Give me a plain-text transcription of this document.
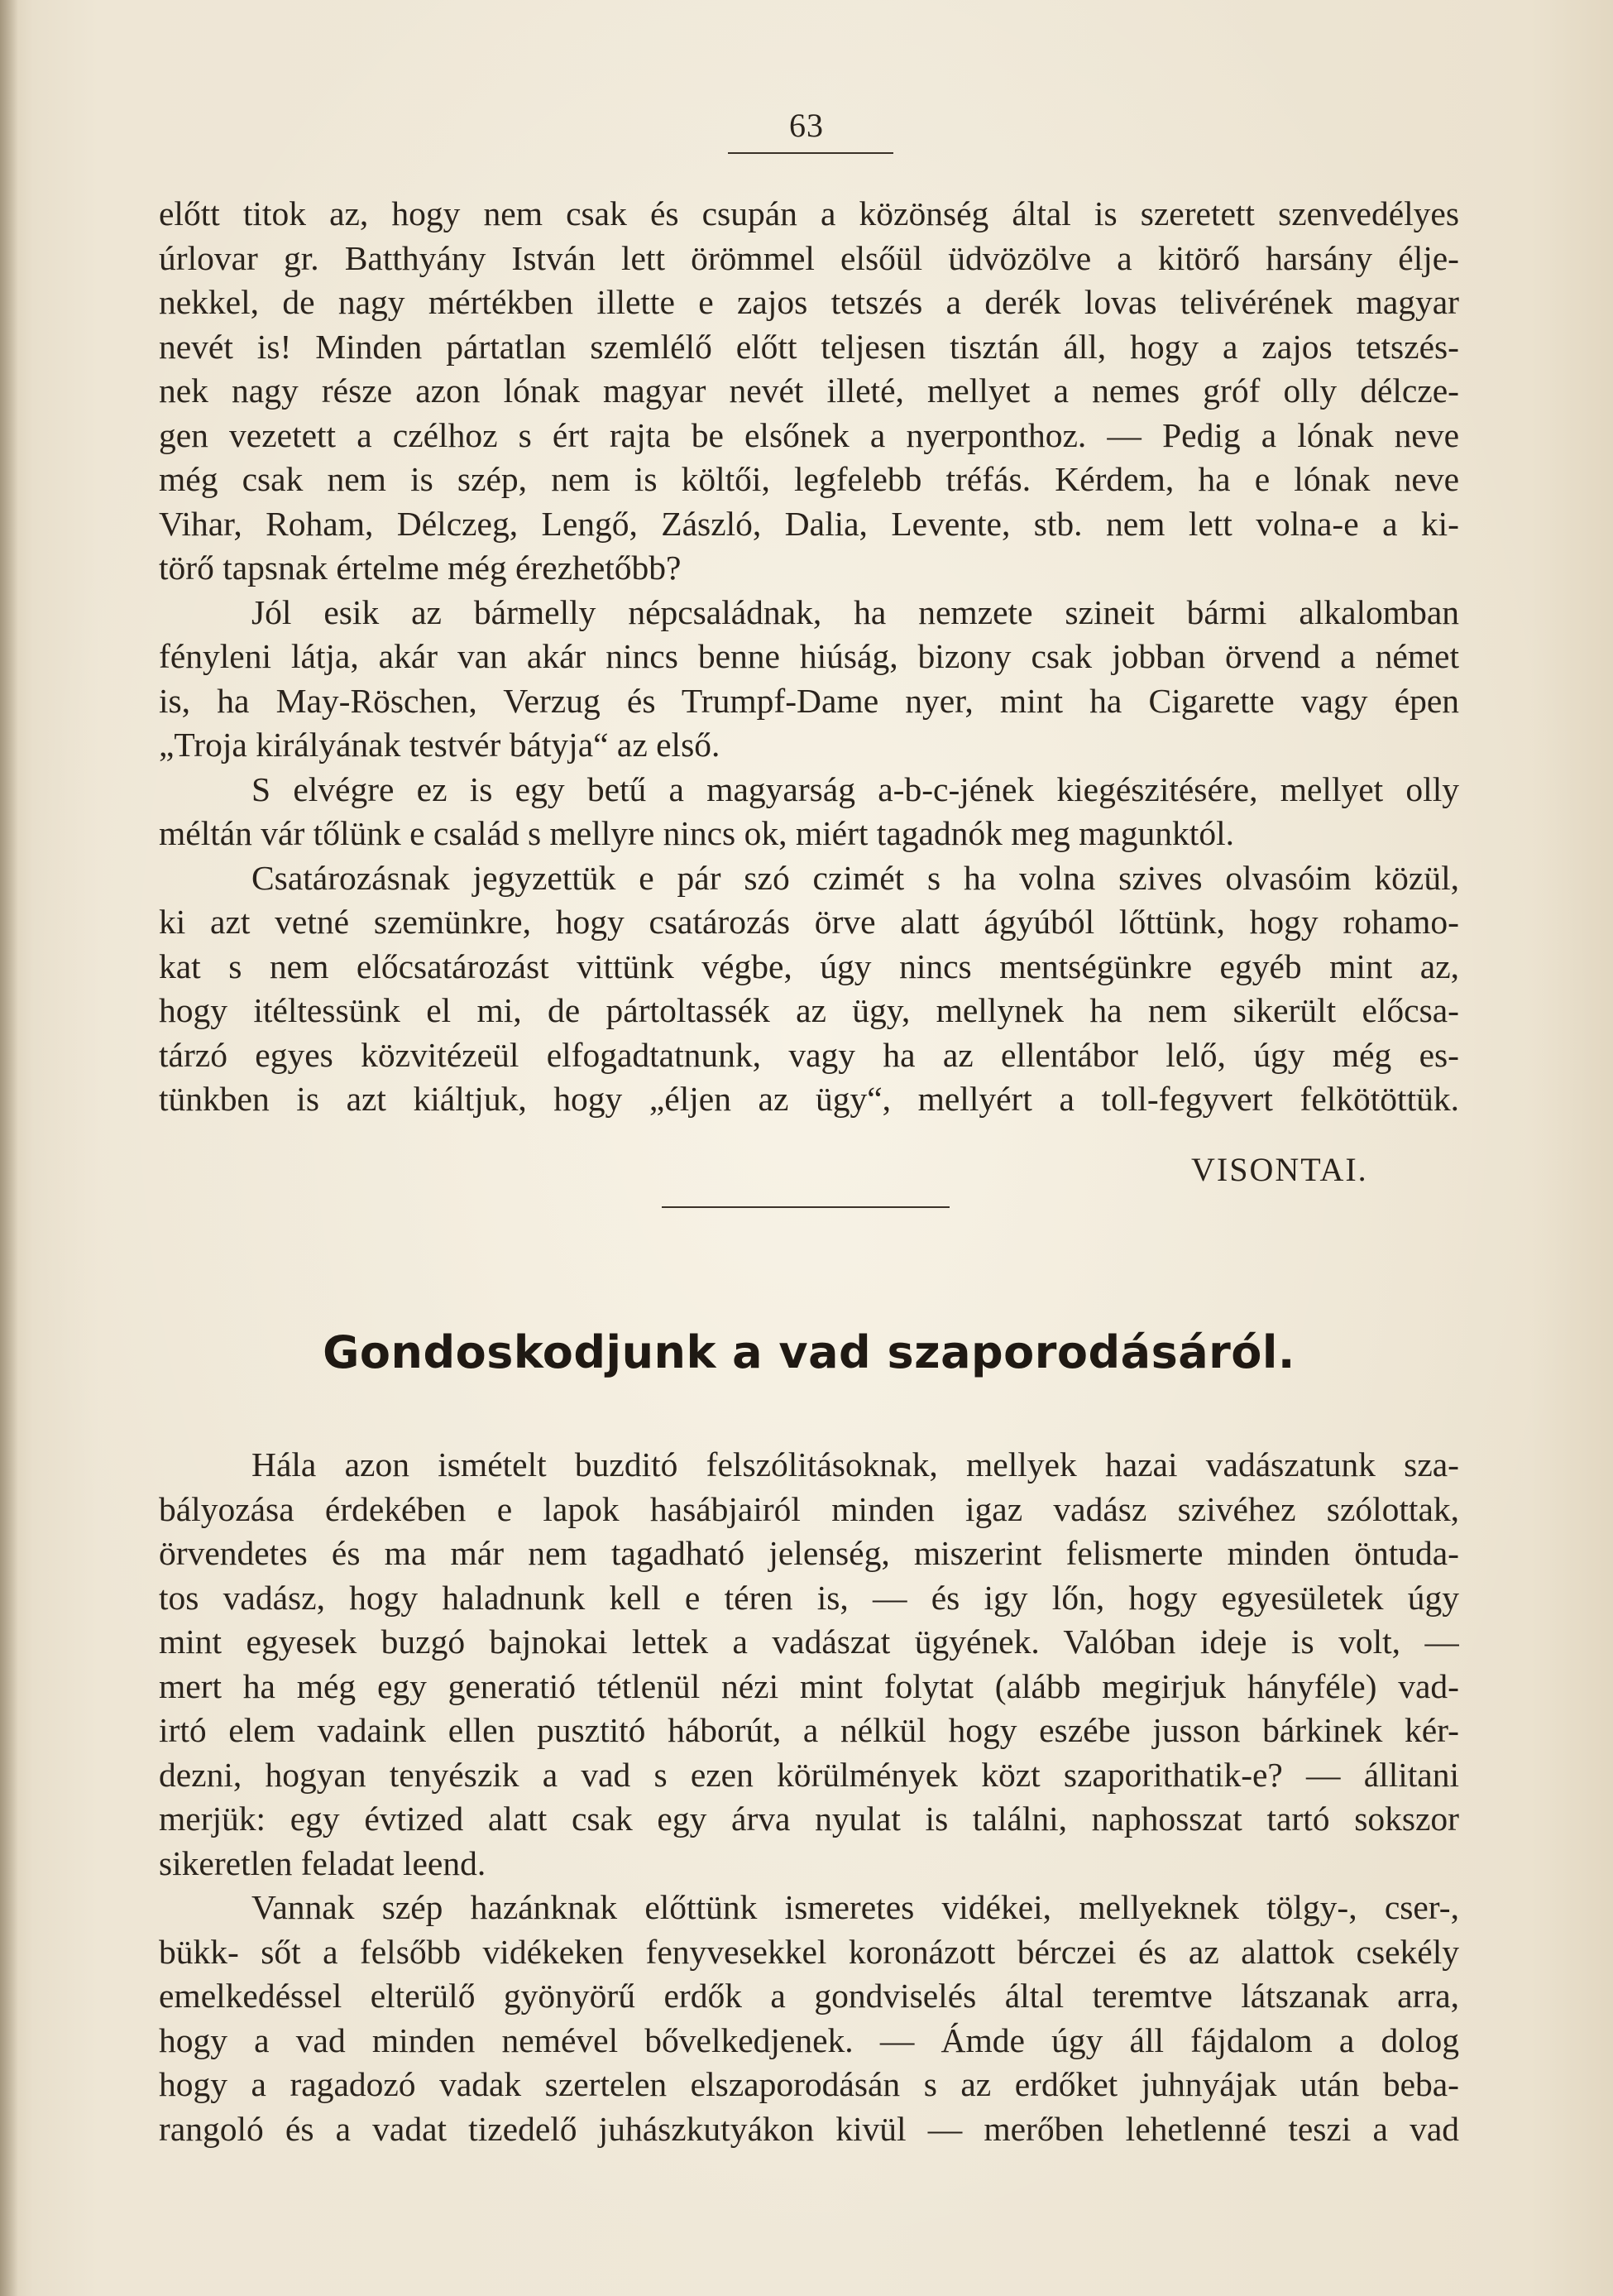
63
előtt titok az, hogy nem csak és csupán a közönség által is szeretett szenvedélyes
úrlovar gr. Batthyány István lett örömmel elsőül üdvözölve a kitörő harsány élje-
nekkel, de nagy mértékben illette e zajos tetszés a derék lovas telivérének magyar
nevét is! Minden pártatlan szemlélő előtt teljesen tisztán áll, hogy a zajos tetszés-
nek nagy része azon lónak magyar nevét illeté, mellyet a nemes gróf olly délcze-
gen vezetett a czélhoz s ért rajta be elsőnek a nyerponthoz. — Pedig a lónak neve
még csak nem is szép, nem is költői, legfelebb tréfás. Kérdem, ha e lónak neve
Vihar, Roham, Délczeg, Lengő, Zászló, Dalia, Levente, stb. nem lett volna-e a ki-
törő tapsnak értelme még érezhetőbb?
Jól esik az bármelly népcsaládnak, ha nemzete szineit bármi alkalomban
fényleni látja, akár van akár nincs benne hiúság, bizony csak jobban örvend a német
is, ha May-Röschen, Verzug és Trumpf-Dame nyer, mint ha Cigarette vagy épen
„Troja királyának testvér bátyja“ az első.
S elvégre ez is egy betű a magyarság a-b-c-jének kiegészitésére, mellyet olly
méltán vár tőlünk e család s mellyre nincs ok, miért tagadnók meg magunktól.
Csatározásnak jegyzettük e pár szó czimét s ha volna szives olvasóim közül,
ki azt vetné szemünkre, hogy csatározás örve alatt ágyúból lőttünk, hogy rohamo-
kat s nem előcsatározást vittünk végbe, úgy nincs mentségünkre egyéb mint az,
hogy itéltessünk el mi, de pártoltassék az ügy, mellynek ha nem sikerült előcsa-
tárzó egyes közvitézeül elfogadtatnunk, vagy ha az ellentábor lelő, úgy még es-
tünkben is azt kiáltjuk, hogy „éljen az ügy“, mellyért a toll-fegyvert felkötöttük.
VISONTAI.
Gondoskodjunk a vad szaporodásáról.
Hála azon ismételt buzditó felszólitásoknak, mellyek hazai vadászatunk sza-
bályozása érdekében e lapok hasábjairól minden igaz vadász szivéhez szólottak,
örvendetes és ma már nem tagadható jelenség, miszerint felismerte minden öntuda-
tos vadász, hogy haladnunk kell e téren is, — és igy lőn, hogy egyesületek úgy
mint egyesek buzgó bajnokai lettek a vadászat ügyének. Valóban ideje is volt, —
mert ha még egy generatió tétlenül nézi mint folytat (alább megirjuk hányféle) vad-
irtó elem vadaink ellen pusztitó háborút, a nélkül hogy eszébe jusson bárkinek kér-
dezni, hogyan tenyészik a vad s ezen körülmények közt szaporithatik-e? — állitani
merjük: egy évtized alatt csak egy árva nyulat is találni, naphosszat tartó sokszor
sikeretlen feladat leend.
Vannak szép hazánknak előttünk ismeretes vidékei, mellyeknek tölgy-, cser-,
bükk- sőt a felsőbb vidékeken fenyvesekkel koronázott bérczei és az alattok csekély
emelkedéssel elterülő gyönyörű erdők a gondviselés által teremtve látszanak arra,
hogy a vad minden nemével bővelkedjenek. — Ámde úgy áll fájdalom a dolog
hogy a ragadozó vadak szertelen elszaporodásán s az erdőket juhnyájak után beba-
rangoló és a vadat tizedelő juhászkutyákon kivül — merőben lehetlenné teszi a vad
